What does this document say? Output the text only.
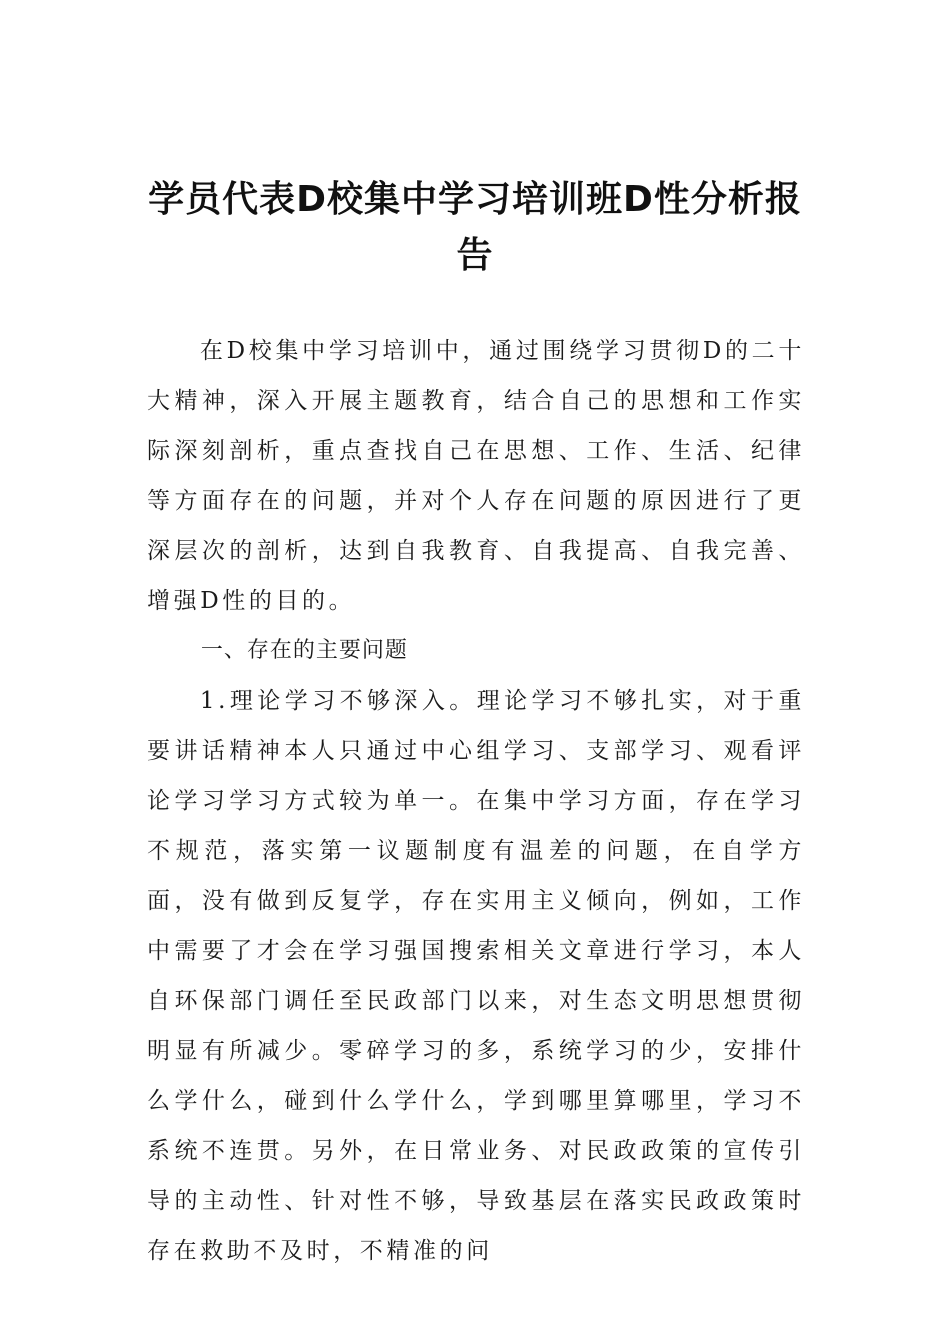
学员代表D校集中学习培训班D性分析报告

在D校集中学习培训中，通过围绕学习贯彻D的二十大精神，深入开展主题教育，结合自己的思想和工作实际深刻剖析，重点查找自己在思想、工作、生活、纪律等方面存在的问题，并对个人存在问题的原因进行了更深层次的剖析，达到自我教育、自我提高、自我完善、增强D性的目的。

一、存在的主要问题

1.理论学习不够深入。理论学习不够扎实，对于重要讲话精神本人只通过中心组学习、支部学习、观看评论学习学习方式较为单一。在集中学习方面，存在学习不规范，落实第一议题制度有温差的问题，在自学方面，没有做到反复学，存在实用主义倾向，例如，工作中需要了才会在学习强国搜索相关文章进行学习，本人自环保部门调任至民政部门以来，对生态文明思想贯彻明显有所减少。零碎学习的多，系统学习的少，安排什么学什么，碰到什么学什么，学到哪里算哪里，学习不系统不连贯。另外，在日常业务、对民政政策的宣传引导的主动性、针对性不够，导致基层在落实民政政策时存在救助不及时，不精准的问
